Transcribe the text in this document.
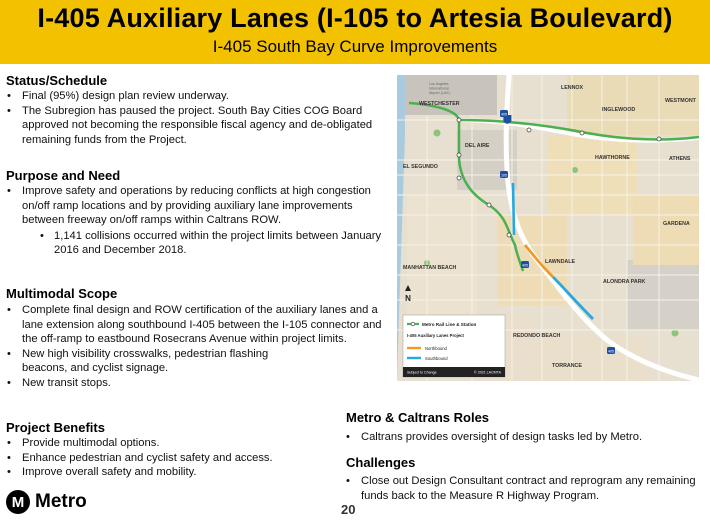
I-405 Auxiliary Lanes (I-105 to Artesia Boulevard)
I-405 South Bay Curve Improvements
Status/Schedule
• Final (95%) design plan review underway.
• The Subregion has paused the project. South Bay Cities COG Board approved not becoming the responsible fiscal agency and de-obligated remaining funds from the Project.
Purpose and Need
• Improve safety and operations by reducing conflicts at high congestion on/off ramp locations and by providing auxiliary lane improvements between freeway on/off ramps within Caltrans ROW.
• 1,141 collisions occurred within the project limits between January 2016 and December 2018.
Multimodal Scope
• Complete final design and ROW certification of the auxiliary lanes and a lane extension along southbound I-405 between the I-105 connector and the off-ramp to eastbound Rosecrans Avenue within project limits.
• New high visibility crosswalks, pedestrian flashing beacons, and cyclist signage.
• New transit stops.
Project Benefits
• Provide multimodal options.
• Enhance pedestrian and cyclist safety and access.
• Improve overall safety and mobility.
Metro & Caltrans Roles
• Caltrans provides oversight of design tasks led by Metro.
Challenges
• Close out Design Consultant contract and reprogram any remaining funds back to the Measure R Highway Program.
405
105
405
405
Los Angeles
International
Airport (LAX)
WESTCHESTER
LENNOX
INGLEWOOD
WESTMONT
DEL AIRE
EL SEGUNDO
HAWTHORNE	ATHENS
GARDENA
MANHATTAN BEACH
LAWNDALE
ALONDRA PARK
REDONDO BEACH
TORRANCE
N
Metro Rail Line & Station
I-405 Auxiliary Lanes Project
Northbound
Southbound
Subject to Change	© 2021 LACMTA
M Metro	20
